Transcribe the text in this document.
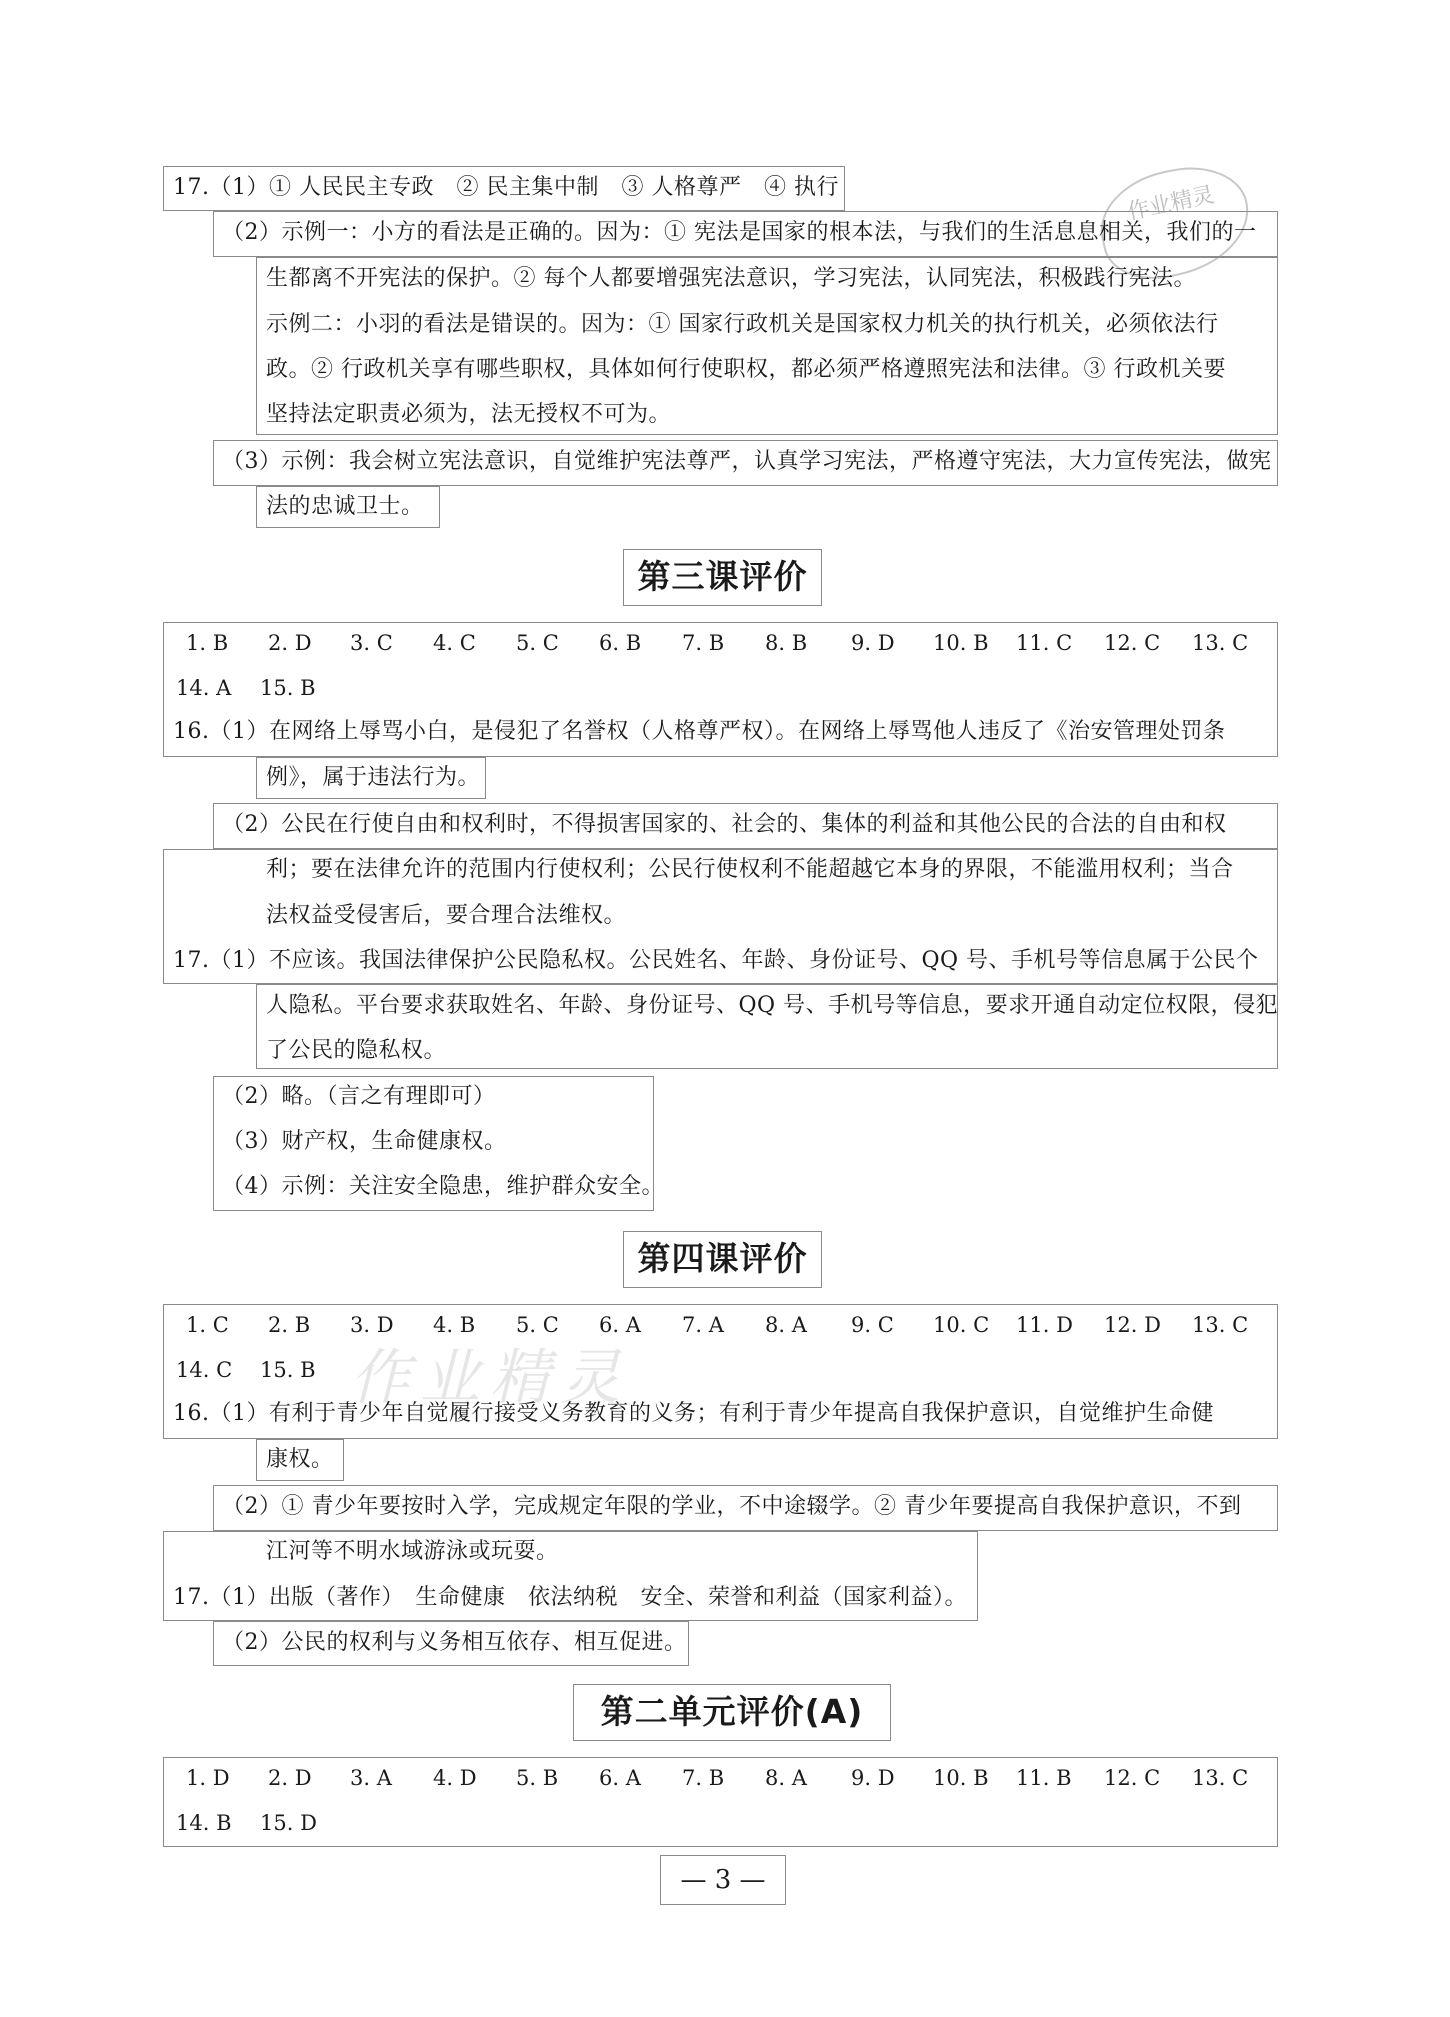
作业精灵
17.（1）① 人民民主专政　② 民主集中制　③ 人格尊严　④ 执行
（2）示例一：小方的看法是正确的。因为：① 宪法是国家的根本法，与我们的生活息息相关，我们的一
生都离不开宪法的保护。② 每个人都要增强宪法意识，学习宪法，认同宪法，积极践行宪法。
示例二：小羽的看法是错误的。因为：① 国家行政机关是国家权力机关的执行机关，必须依法行
政。② 行政机关享有哪些职权，具体如何行使职权，都必须严格遵照宪法和法律。③ 行政机关要
坚持法定职责必须为，法无授权不可为。
（3）示例：我会树立宪法意识，自觉维护宪法尊严，认真学习宪法，严格遵守宪法，大力宣传宪法，做宪
法的忠诚卫士。
第三课评价
1. B 2. D 3. C 4. C 5. C 6. B 7. B 8. B 9. D 10. B 11. C 12. C 13. C
14. A 15. B
16.（1）在网络上辱骂小白，是侵犯了名誉权（人格尊严权）。在网络上辱骂他人违反了《治安管理处罚条
例》，属于违法行为。
（2）公民在行使自由和权利时，不得损害国家的、社会的、集体的利益和其他公民的合法的自由和权
利；要在法律允许的范围内行使权利；公民行使权利不能超越它本身的界限，不能滥用权利；当合
法权益受侵害后，要合理合法维权。
17.（1）不应该。我国法律保护公民隐私权。公民姓名、年龄、身份证号、QQ 号、手机号等信息属于公民个
人隐私。平台要求获取姓名、年龄、身份证号、QQ 号、手机号等信息，要求开通自动定位权限，侵犯
了公民的隐私权。
（2）略。（言之有理即可）
（3）财产权，生命健康权。
（4）示例：关注安全隐患，维护群众安全。
第四课评价
1. C 2. B 3. D 4. B 5. C 6. A 7. A 8. A 9. C 10. C 11. D 12. D 13. C
14. C 15. B 作业精灵
16.（1）有利于青少年自觉履行接受义务教育的义务；有利于青少年提高自我保护意识，自觉维护生命健
康权。
（2）① 青少年要按时入学，完成规定年限的学业，不中途辍学。② 青少年要提高自我保护意识，不到
江河等不明水域游泳或玩耍。
17.（1）出版（著作）　生命健康　依法纳税　安全、荣誉和利益（国家利益）。
（2）公民的权利与义务相互依存、相互促进。
第二单元评价(A)
1. D 2. D 3. A 4. D 5. B 6. A 7. B 8. A 9. D 10. B 11. B 12. C 13. C
14. B 15. D
— 3 —
